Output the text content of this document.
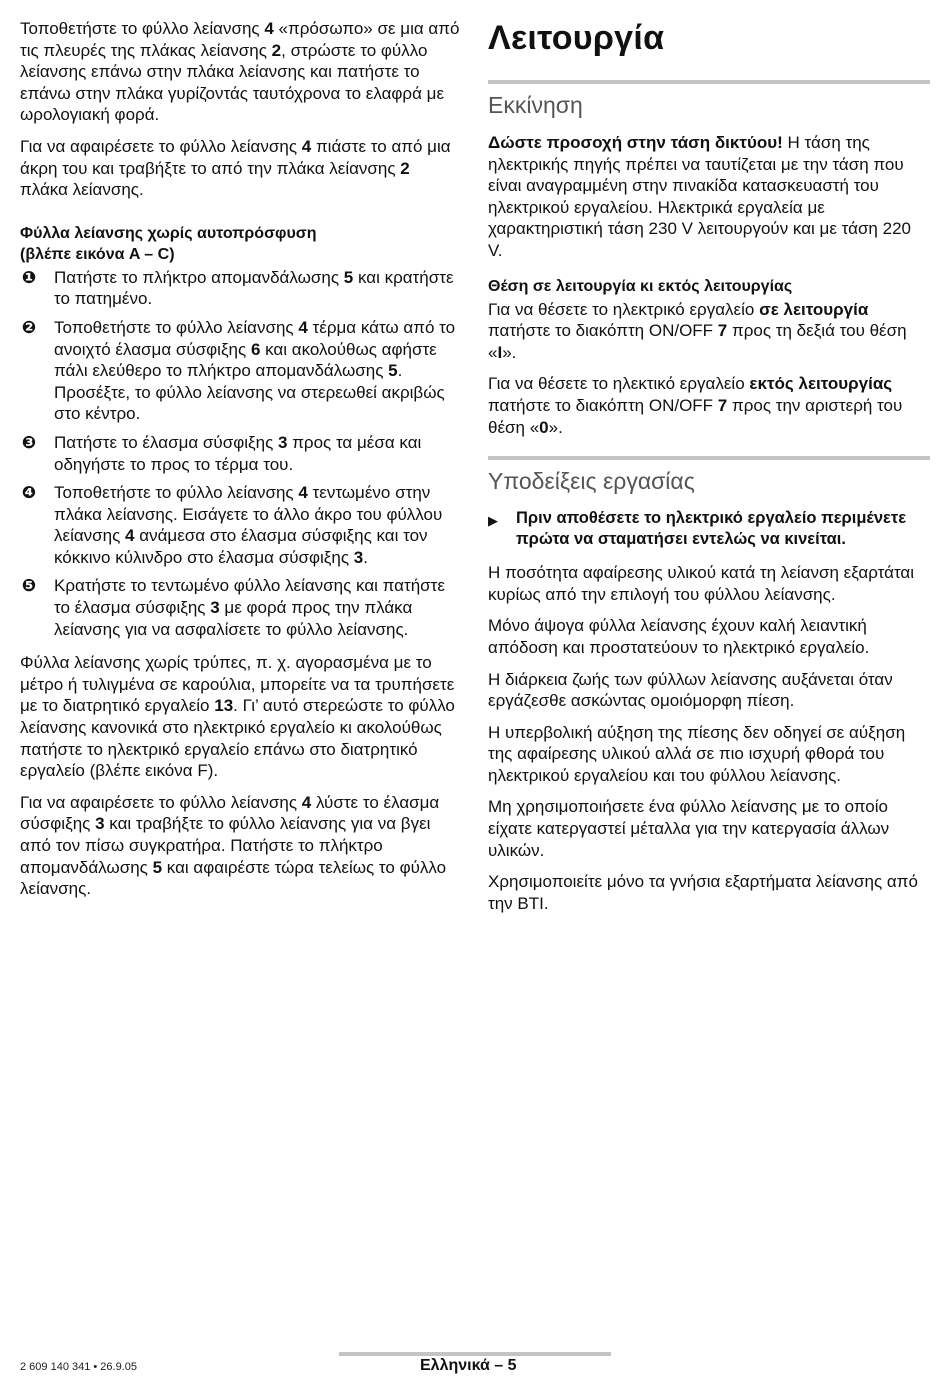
Τοποθετήστε το φύλλο λείανσης 4 «πρόσωπο» σε μια από τις πλευρές της πλάκας λείανσης 2, στρώστε το φύλλο λείανσης επάνω στην πλάκα λείανσης και πατήστε το επάνω στην πλάκα γυρίζοντάς ταυτόχρονα το ελαφρά με ωρολογιακή φορά.

Για να αφαιρέσετε το φύλλο λείανσης 4 πιάστε το από μια άκρη του και τραβήξτε το από την πλάκα λείανσης 2 πλάκα λείανσης.

Φύλλα λείανσης χωρίς αυτοπρόσφυση
(βλέπε εικόνα A – C)
❶ Πατήστε το πλήκτρο απομανδάλωσης 5 και κρατήστε το πατημένο.
❷ Τοποθετήστε το φύλλο λείανσης 4 τέρμα κάτω από το ανοιχτό έλασμα σύσφιξης 6 και ακολούθως αφήστε πάλι ελεύθερο το πλήκτρο απομανδάλωσης 5. Προσέξτε, το φύλλο λείανσης να στερεωθεί ακριβώς στο κέντρο.
❸ Πατήστε το έλασμα σύσφιξης 3 προς τα μέσα και οδηγήστε το προς το τέρμα του.
❹ Τοποθετήστε το φύλλο λείανσης 4 τεντωμένο στην πλάκα λείανσης. Εισάγετε το άλλο άκρο του φύλλου λείανσης 4 ανάμεσα στο έλασμα σύσφιξης και τον κόκκινο κύλινδρο στο έλασμα σύσφιξης 3.
❺ Κρατήστε το τεντωμένο φύλλο λείανσης και πατήστε το έλασμα σύσφιξης 3 με φορά προς την πλάκα λείανσης για να ασφαλίσετε το φύλλο λείανσης.

Φύλλα λείανσης χωρίς τρύπες, π. χ. αγορασμένα με το μέτρο ή τυλιγμένα σε καρούλια, μπορείτε να τα τρυπήσετε με το διατρητικό εργαλείο 13. Γι’ αυτό στερεώστε το φύλλο λείανσης κανονικά στο ηλεκτρικό εργαλείο κι ακολούθως πατήστε το ηλεκτρικό εργαλείο επάνω στο διατρητικό εργαλείο (βλέπε εικόνα F).

Για να αφαιρέσετε το φύλλο λείανσης 4 λύστε το έλασμα σύσφιξης 3 και τραβήξτε το φύλλο λείανσης για να βγει από τον πίσω συγκρατήρα. Πατήστε το πλήκτρο απομανδάλωσης 5 και αφαιρέστε τώρα τελείως το φύλλο λείανσης.

Λειτουργία
Εκκίνηση

Δώστε προσοχή στην τάση δικτύου! Η τάση της ηλεκτρικής πηγής πρέπει να ταυτίζεται με την τάση που είναι αναγραμμένη στην πινακίδα κατασκευαστή του ηλεκτρικού εργαλείου. Ηλεκτρικά εργαλεία με χαρακτηριστική τάση 230 V λειτουργούν και με τάση 220 V.

Θέση σε λειτουργία κι εκτός λειτουργίας

Για να θέσετε το ηλεκτρικό εργαλείο σε λειτουργία πατήστε το διακόπτη ON/OFF 7 προς τη δεξιά του θέση «I».

Για να θέσετε το ηλεκτικό εργαλείο εκτός λειτουργίας πατήστε το διακόπτη ON/OFF 7 προς την αριστερή του θέση «0».

Υποδείξεις εργασίας
▶ Πριν αποθέσετε το ηλεκτρικό εργαλείο περιμένετε πρώτα να σταματήσει εντελώς να κινείται.

Η ποσότητα αφαίρεσης υλικού κατά τη λείανση εξαρτάται κυρίως από την επιλογή του φύλλου λείανσης.

Μόνο άψογα φύλλα λείανσης έχουν καλή λειαντική απόδοση και προστατεύουν το ηλεκτρικό εργαλείο.

Η διάρκεια ζωής των φύλλων λείανσης αυξάνεται όταν εργάζεσθε ασκώντας ομοιόμορφη πίεση.

Η υπερβολική αύξηση της πίεσης δεν οδηγεί σε αύξηση της αφαίρεσης υλικού αλλά σε πιο ισχυρή φθορά του ηλεκτρικού εργαλείου και του φύλλου λείανσης.

Μη χρησιμοποιήσετε ένα φύλλο λείανσης με το οποίο είχατε κατεργαστεί μέταλλα για την κατεργασία άλλων υλικών.

Χρησιμοποιείτε μόνο τα γνήσια εξαρτήματα λείανσης από την BTI.

2 609 140 341 • 26.9.05	Ελληνικά – 5
